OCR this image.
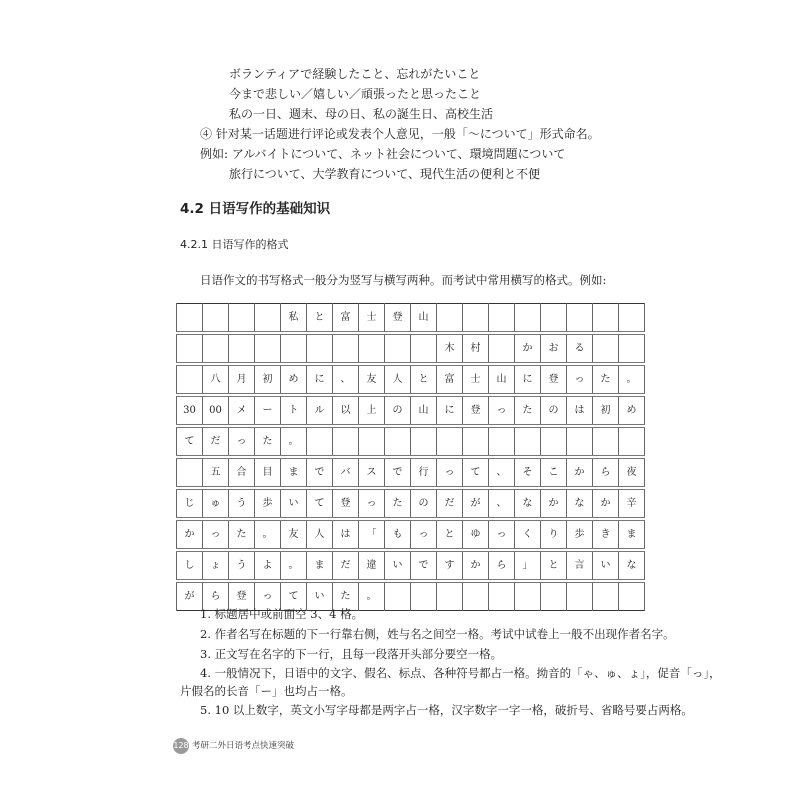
ボランティアで経験したこと、忘れがたいこと
今まで悲しい／嬉しい／頑張ったと思ったこと
私の一日、週末、母の日、私の誕生日、高校生活
④ 针对某一话题进行评论或发表个人意见，一般「～について」形式命名。
例如: アルバイトについて、ネット社会について、環境問題について
旅行について、大学教育について、現代生活の便利と不便
4.2 日语写作的基础知识
4.2.1 日语写作的格式
日语作文的书写格式一般分为竖写与横写两种。而考试中常用横写的格式。例如:
				私	と	富	士	登	山								
										木	村		か	お	る		
	八	月	初	め	に	、	友	人	と	富	士	山	に	登	っ	た	。
30	00	メ	ー	ト	ル	以	上	の	山	に	登	っ	た	の	は	初	め
て	だ	っ	た	。													
	五	合	目	ま	で	バ	ス	で	行	っ	て	、	そ	こ	か	ら	夜
じ	ゅ	う	歩	い	て	登	っ	た	の	だ	が	、	な	か	な	か	辛
か	っ	た	。	友	人	は	「	も	っ	と	ゆ	っ	く	り	歩	き	ま
し	ょ	う	よ	。	ま	だ	違	い	で	す	か	ら	」	と	言	い	な
が	ら	登	っ	て	い	た	。										
1. 标题居中或前面空 3、4 格。
2. 作者名写在标题的下一行靠右侧，姓与名之间空一格。考试中试卷上一般不出现作者名字。
3. 正文写在名字的下一行，且每一段落开头部分要空一格。
4. 一般情况下，日语中的文字、假名、标点、各种符号都占一格。拗音的「ゃ、ゅ、ょ」，促音「っ」，
片假名的长音「ー」也均占一格。
5. 10 以上数字，英文小写字母都是两字占一格，汉字数字一字一格，破折号、省略号要占两格。
128 考研二外日语考点快速突破
